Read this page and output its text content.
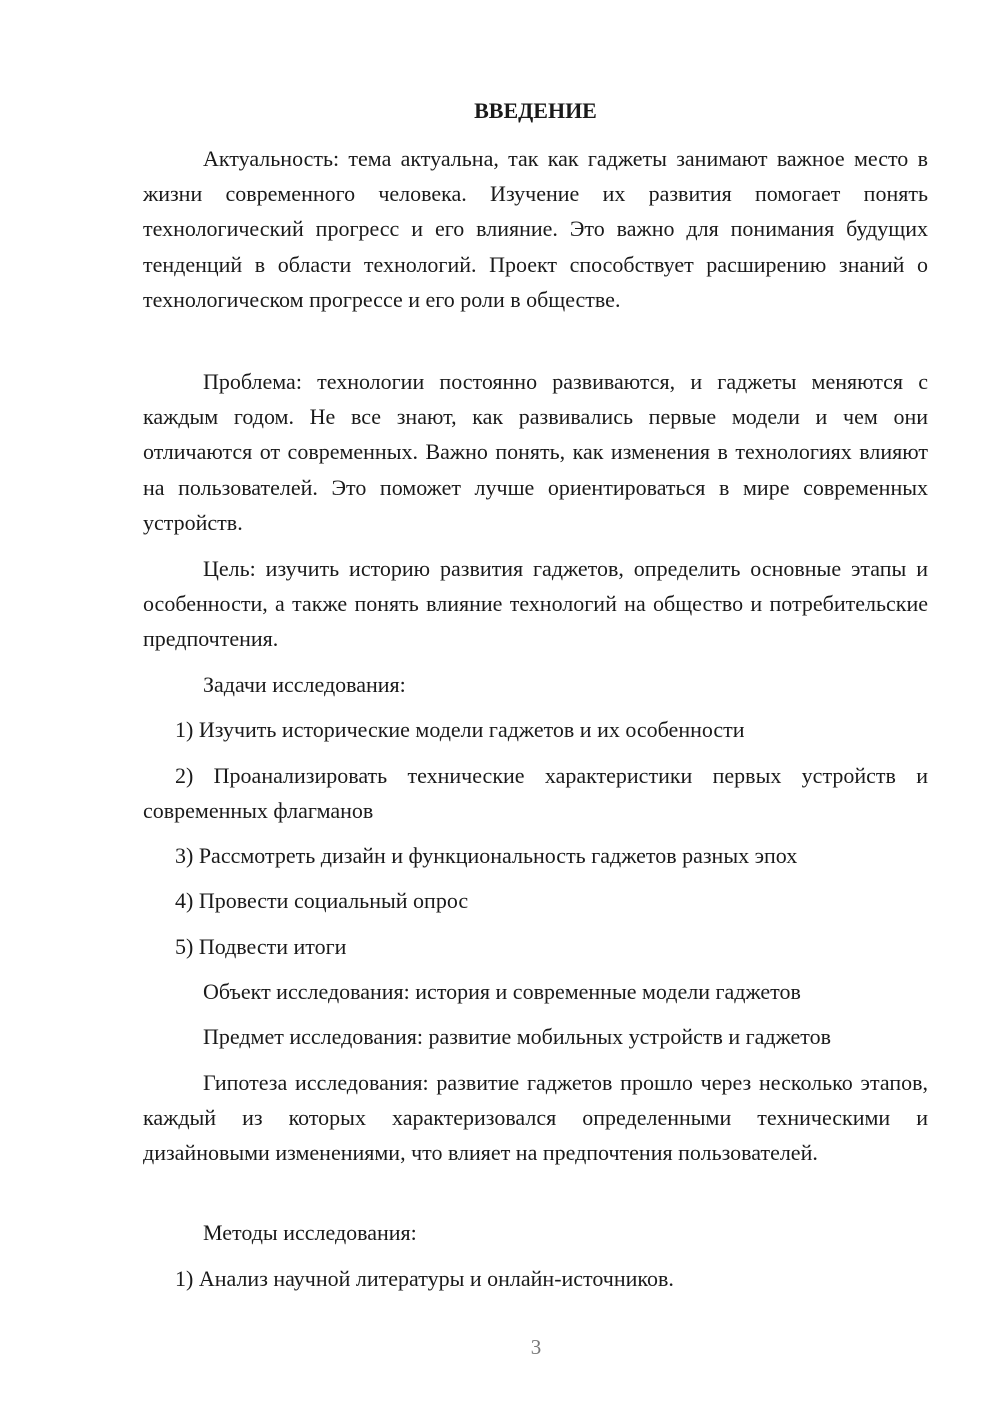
ВВЕДЕНИЕ

Актуальность: тема актуальна, так как гаджеты занимают важное место в жизни современного человека. Изучение их развития помогает понять технологический прогресс и его влияние. Это важно для понимания будущих тенденций в области технологий. Проект способствует расширению знаний о технологическом прогрессе и его роли в обществе.

Проблема: технологии постоянно развиваются, и гаджеты меняются с каждым годом. Не все знают, как развивались первые модели и чем они отличаются от современных. Важно понять, как изменения в технологиях влияют на пользователей. Это поможет лучше ориентироваться в мире современных устройств.

Цель: изучить историю развития гаджетов, определить основные этапы и особенности, а также понять влияние технологий на общество и потребительские предпочтения.

Задачи исследования:

1) Изучить исторические модели гаджетов и их особенности

2) Проанализировать технические характеристики первых устройств и современных флагманов

3) Рассмотреть дизайн и функциональность гаджетов разных эпох

4) Провести социальный опрос

5) Подвести итоги

Объект исследования: история и современные модели гаджетов

Предмет исследования: развитие мобильных устройств и гаджетов

Гипотеза исследования: развитие гаджетов прошло через несколько этапов, каждый из которых характеризовался определенными техническими и дизайновыми изменениями, что влияет на предпочтения пользователей.

Методы исследования:

1) Анализ научной литературы и онлайн-источников.

3
